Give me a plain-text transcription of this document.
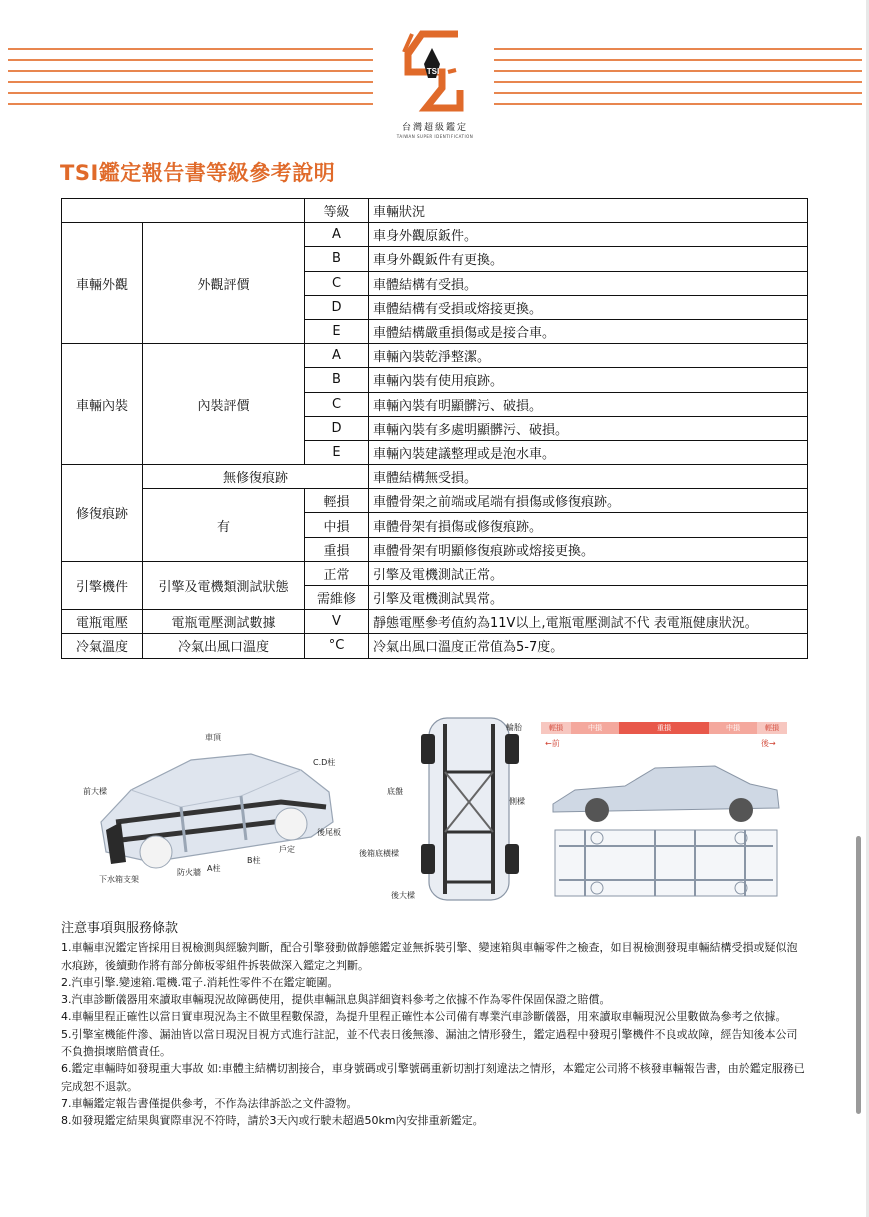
TSI
台灣超級鑑定
TAIWAN SUPER IDENTIFICATION
TSI鑑定報告書等級參考說明
		等級	車輛狀況
車輛外觀	外觀評價	A	車身外觀原鈑件。
		B	車身外觀鈑件有更換。
		C	車體結構有受損。
		D	車體結構有受損或熔接更換。
		E	車體結構嚴重損傷或是接合車。
車輛內裝	內裝評價	A	車輛內裝乾淨整潔。
		B	車輛內裝有使用痕跡。
		C	車輛內裝有明顯髒污、破損。
		D	車輛內裝有多處明顯髒污、破損。
		E	車輛內裝建議整理或是泡水車。
修復痕跡	無修復痕跡		車體結構無受損。
	有	輕損	車體骨架之前端或尾端有損傷或修復痕跡。
		中損	車體骨架有損傷或修復痕跡。
		重損	車體骨架有明顯修復痕跡或熔接更換。
引擎機件	引擎及電機類測試狀態	正常	引擎及電機測試正常。
		需維修	引擎及電機測試異常。
電瓶電壓	電瓶電壓測試數據	V	靜態電壓參考值約為11V以上,電瓶電壓測試不代 表電瓶健康狀況。
冷氣溫度	冷氣出風口溫度	°C	冷氣出風口溫度正常值為5-7度。
車頂
C.D柱
前大樑
後尾板
戶定
B柱
A柱
防火牆
下水箱支架
輪胎
底盤
側樑
後箱底橫樑
後大樑
輕損	中損	重損	中損	輕損
←前	後→
注意事項與服務條款

1.車輛車況鑑定皆採用目視檢測與經驗判斷，配合引擎發動做靜態鑑定並無拆裝引擎、變速箱與車輛零件之檢查，如目視檢測發現車輛結構受損或疑似泡水痕跡，後續動作將有部分飾板零組件拆裝做深入鑑定之判斷。

2.汽車引擎.變速箱.電機.電子.消耗性零件不在鑑定範圍。

3.汽車診斷儀器用來讀取車輛現況故障碼使用，提供車輛訊息與詳細資料參考之依據不作為零件保固保證之賠償。

4.車輛里程正確性以當日實車現況為主不做里程數保證，為提升里程正確性本公司備有專業汽車診斷儀器，用來讀取車輛現況公里數做為參考之依據。

5.引擎室機能件滲、漏油皆以當日現況目視方式進行註記，並不代表日後無滲、漏油之情形發生，鑑定過程中發現引擎機件不良或故障，經告知後本公司不負擔損壞賠償責任。

6.鑑定車輛時如發現重大事故 如:車體主結構切割接合，車身號碼或引擎號碼重新切割打刻違法之情形，本鑑定公司將不核發車輛報告書，由於鑑定服務已完成恕不退款。

7.車輛鑑定報告書僅提供參考，不作為法律訴訟之文件證物。

8.如發現鑑定結果與實際車況不符時，請於3天內或行駛未超過50km內安排重新鑑定。
